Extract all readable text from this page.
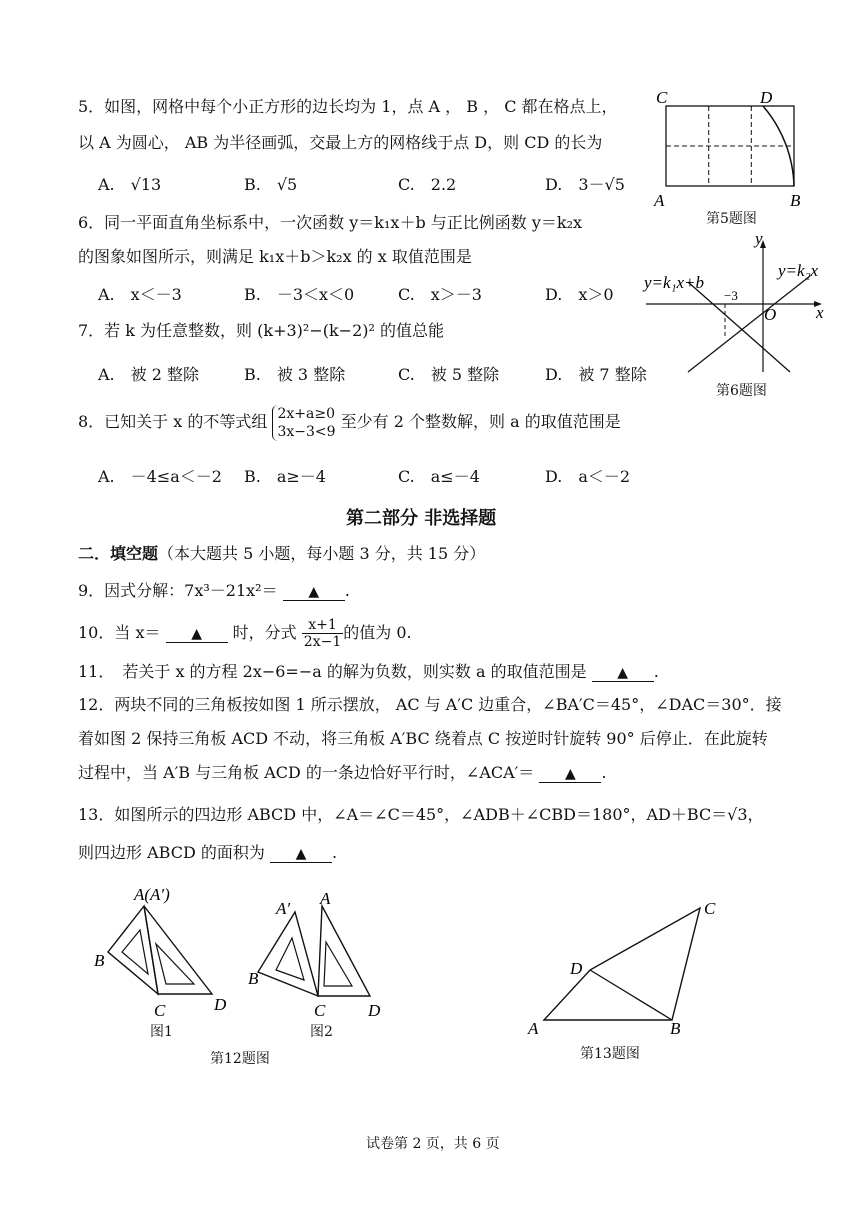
5．如图，网格中每个小正方形的边长均为 1，点 A ， B ， C 都在格点上，
以 A 为圆心， AB 为半径画弧，交最上方的网格线于点 D，则 CD 的长为
A.　√13	B.　√5	C.　2.2	D.　3－√5
C	D
A	B
第5题图
6．同一平面直角坐标系中，一次函数 y＝k₁x＋b 与正比例函数 y＝k₂x
的图象如图所示，则满足 k₁x＋b＞k₂x 的 x 取值范围是
A.　x＜－3	B.　－3＜x＜0	C.　x＞－3	D.　x＞0
y
x
O
−3
y=k₁x+b
y=k₂x
第6题图
7．若 k 为任意整数，则 (k+3)²−(k−2)² 的值总能
A.　被 2 整除	B.　被 3 整除	C.　被 5 整除	D.　被 7 整除
8．已知关于 x 的不等式组 2x+a≥0
3x−3<9
至少有 2 个整数解，则 a 的取值范围是
A.　－4≤a＜－2 B.　a≥－4	C.　a≤－4	D.　a＜－2
第二部分 非选择题
二．填空题（本大题共 5 小题，每小题 3 分，共 15 分）
9．因式分解：7x³－21x²＝ ▲ .
10．当 x＝ ▲ 时，分式 $\frac{x+1}{2x-1}$ 的值为 0.
11．　若关于 x 的方程 2x−6=−a 的解为负数，则实数 a 的取值范围是 ▲ .
12．两块不同的三角板按如图 1 所示摆放， AC 与 A′C 边重合，∠BA′C＝45°，∠DAC＝30°．接
着如图 2 保持三角板 ACD 不动，将三角板 A′BC 绕着点 C 按逆时针旋转 90° 后停止．在此旋转
过程中，当 A′B 与三角板 ACD 的一条边恰好平行时，∠ACA′＝ ▲ .
13．如图所示的四边形 ABCD 中，∠A＝∠C＝45°，∠ADB＋∠CBD＝180°，AD＋BC＝√3，
则四边形 ABCD 的面积为 ▲ .
A(A′)
B
C	D
A′
A
B
C	D
图1	图2
第12题图
A	B
C
D
第13题图
试卷第 2 页，共 6 页
